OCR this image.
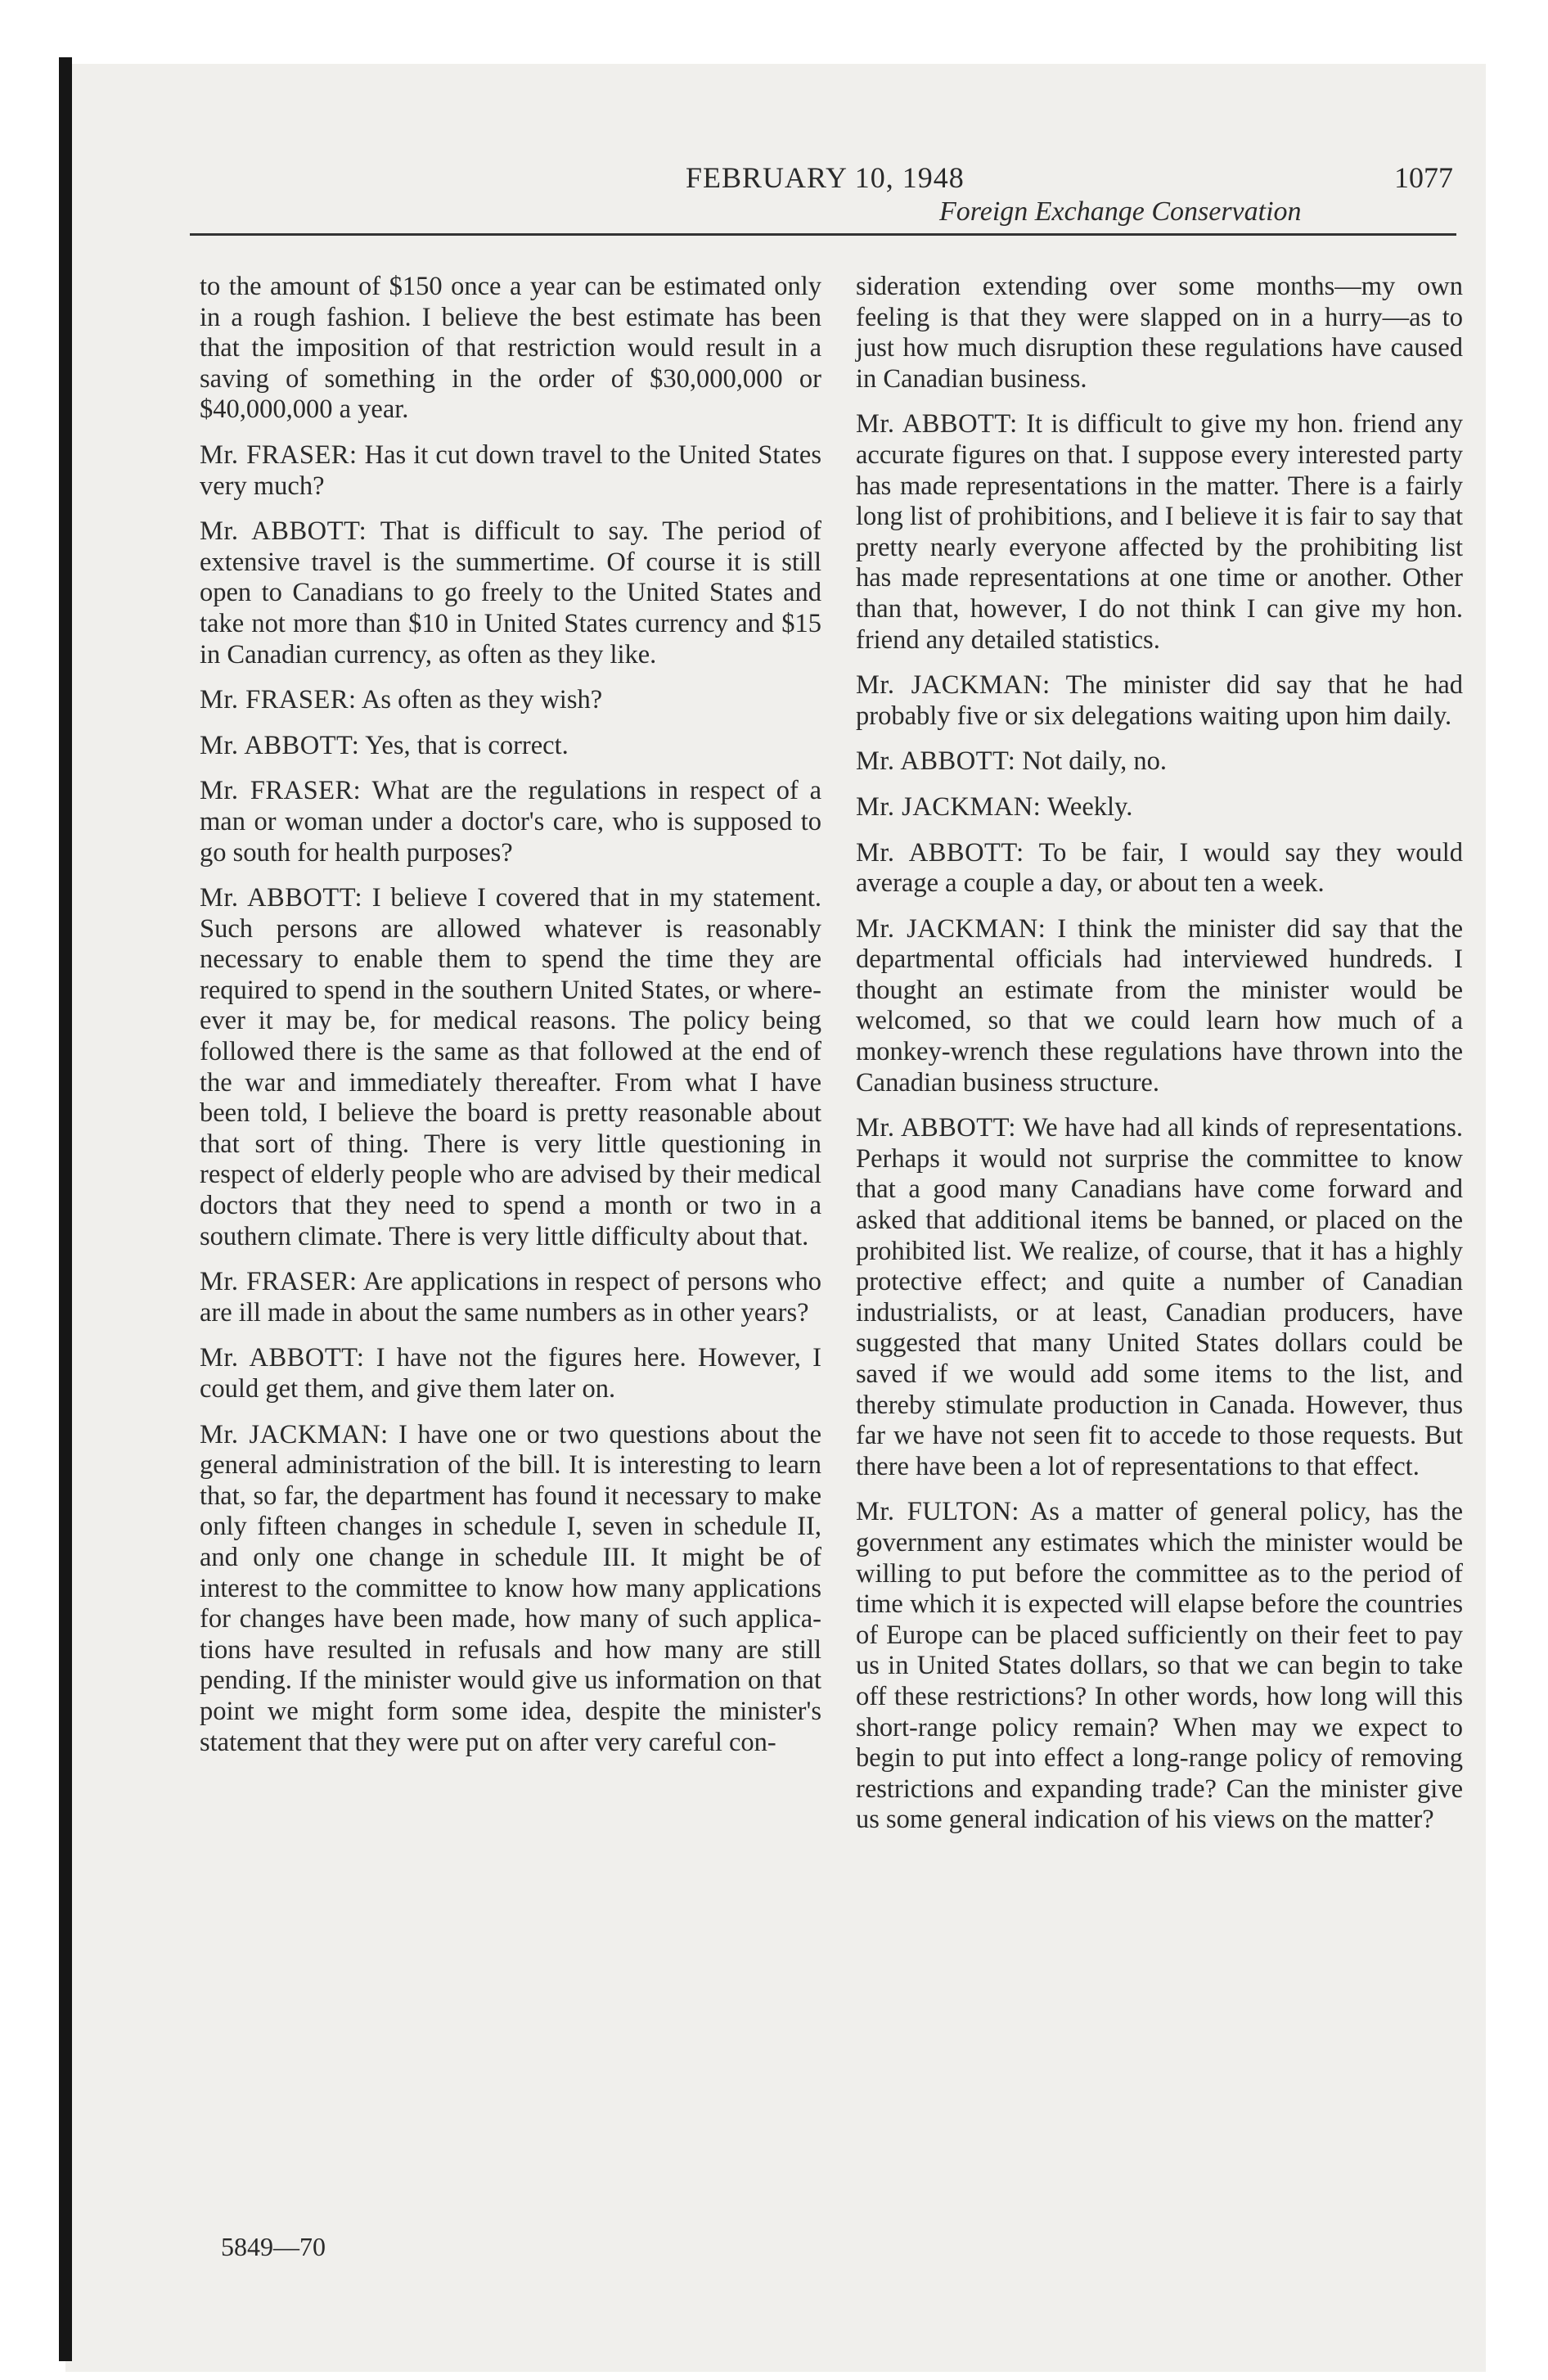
FEBRUARY 10, 1948	1077
Foreign Exchange Conservation

to the amount of $150 once a year can be estimated only in a rough fashion. I believe the best estimate has been that the imposition of that restriction would result in a saving of something in the order of $30,000,000 or $40,000,000 a year.

Mr. FRASER: Has it cut down travel to the United States very much?

Mr. ABBOTT: That is difficult to say. The period of extensive travel is the summertime. Of course it is still open to Canadians to go freely to the United States and take not more than $10 in United States currency and $15 in Canadian currency, as often as they like.

Mr. FRASER: As often as they wish?

Mr. ABBOTT: Yes, that is correct.

Mr. FRASER: What are the regulations in respect of a man or woman under a doctor's care, who is supposed to go south for health purposes?

Mr. ABBOTT: I believe I covered that in my statement. Such persons are allowed whatever is reasonably necessary to enable them to spend the time they are required to spend in the southern United States, or whereever it may be, for medical reasons. The policy being followed there is the same as that followed at the end of the war and immediately thereafter. From what I have been told, I believe the board is pretty reasonable about that sort of thing. There is very little questioning in respect of elderly people who are advised by their medical doctors that they need to spend a month or two in a southern climate. There is very little difficulty about that.

Mr. FRASER: Are applications in respect of persons who are ill made in about the same numbers as in other years?

Mr. ABBOTT: I have not the figures here. However, I could get them, and give them later on.

Mr. JACKMAN: I have one or two questions about the general administration of the bill. It is interesting to learn that, so far, the department has found it necessary to make only fifteen changes in schedule I, seven in schedule II, and only one change in schedule III. It might be of interest to the committee to know how many applications for changes have been made, how many of such applications have resulted in refusals and how many are still pending. If the minister would give us information on that point we might form some idea, despite the minister's statement that they were put on after very careful con-

sideration extending over some months—my own feeling is that they were slapped on in a hurry—as to just how much disruption these regulations have caused in Canadian business.

Mr. ABBOTT: It is difficult to give my hon. friend any accurate figures on that. I suppose every interested party has made representations in the matter. There is a fairly long list of prohibitions, and I believe it is fair to say that pretty nearly everyone affected by the prohibiting list has made representations at one time or another. Other than that, however, I do not think I can give my hon. friend any detailed statistics.

Mr. JACKMAN: The minister did say that he had probably five or six delegations waiting upon him daily.

Mr. ABBOTT: Not daily, no.

Mr. JACKMAN: Weekly.

Mr. ABBOTT: To be fair, I would say they would average a couple a day, or about ten a week.

Mr. JACKMAN: I think the minister did say that the departmental officials had interviewed hundreds. I thought an estimate from the minister would be welcomed, so that we could learn how much of a monkey-wrench these regulations have thrown into the Canadian business structure.

Mr. ABBOTT: We have had all kinds of representations. Perhaps it would not surprise the committee to know that a good many Canadians have come forward and asked that additional items be banned, or placed on the prohibited list. We realize, of course, that it has a highly protective effect; and quite a number of Canadian industrialists, or at least, Canadian producers, have suggested that many United States dollars could be saved if we would add some items to the list, and thereby stimulate production in Canada. However, thus far we have not seen fit to accede to those requests. But there have been a lot of representations to that effect.

Mr. FULTON: As a matter of general policy, has the government any estimates which the minister would be willing to put before the committee as to the period of time which it is expected will elapse before the countries of Europe can be placed sufficiently on their feet to pay us in United States dollars, so that we can begin to take off these restrictions? In other words, how long will this short-range policy remain? When may we expect to begin to put into effect a long-range policy of removing restrictions and expanding trade? Can the minister give us some general indication of his views on the matter?

5849—70
